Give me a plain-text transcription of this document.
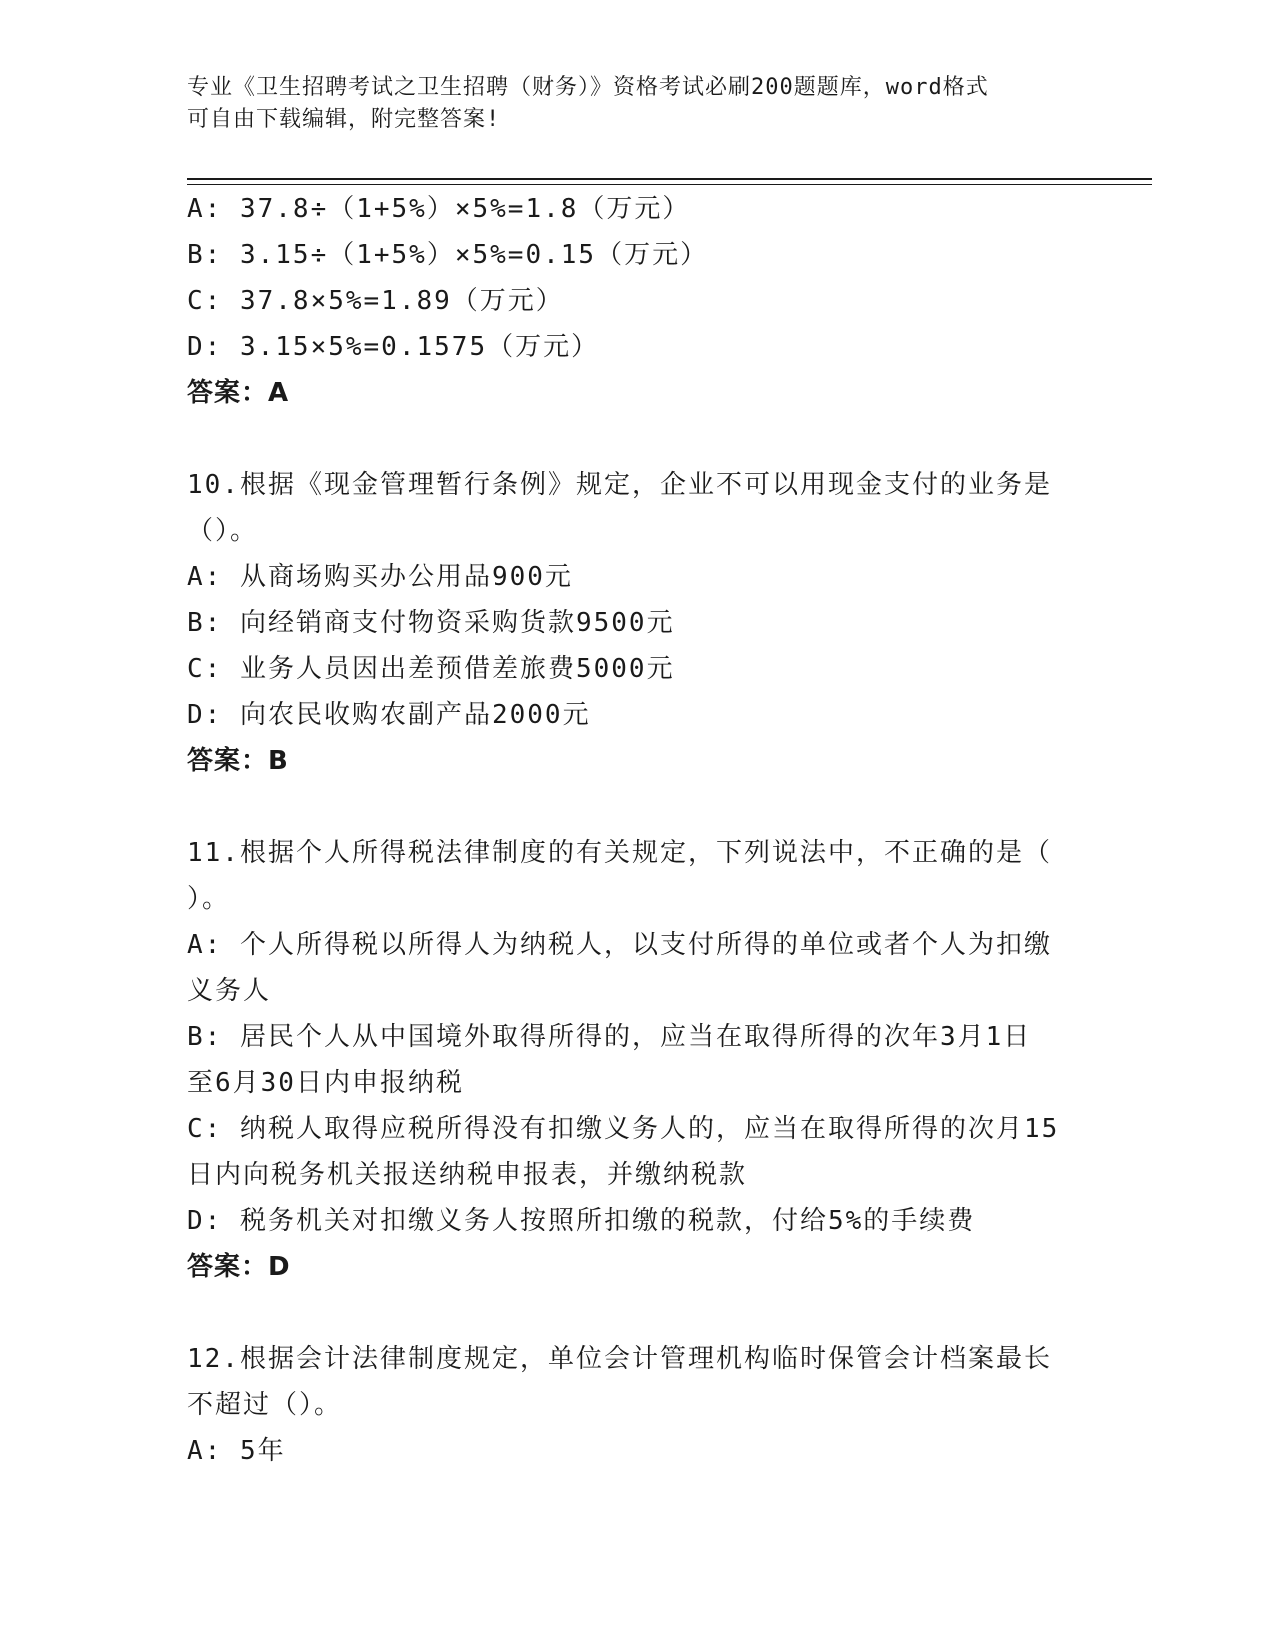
专业《卫生招聘考试之卫生招聘（财务）》资格考试必刷200题题库，word格式
可自由下载编辑，附完整答案!
A: 37.8÷（1+5%）×5%=1.8（万元）
B: 3.15÷（1+5%）×5%=0.15（万元）
C: 37.8×5%=1.89（万元）
D: 3.15×5%=0.1575（万元）
答案：A
10.根据《现金管理暂行条例》规定，企业不可以用现金支付的业务是
（）。
A: 从商场购买办公用品900元
B: 向经销商支付物资采购货款9500元
C: 业务人员因出差预借差旅费5000元
D: 向农民收购农副产品2000元
答案：B
11.根据个人所得税法律制度的有关规定，下列说法中，不正确的是（
）。
A: 个人所得税以所得人为纳税人，以支付所得的单位或者个人为扣缴
义务人
B: 居民个人从中国境外取得所得的，应当在取得所得的次年3月1日
至6月30日内申报纳税
C: 纳税人取得应税所得没有扣缴义务人的，应当在取得所得的次月15
日内向税务机关报送纳税申报表，并缴纳税款
D: 税务机关对扣缴义务人按照所扣缴的税款，付给5%的手续费
答案：D
12.根据会计法律制度规定，单位会计管理机构临时保管会计档案最长
不超过（）。
A: 5年
